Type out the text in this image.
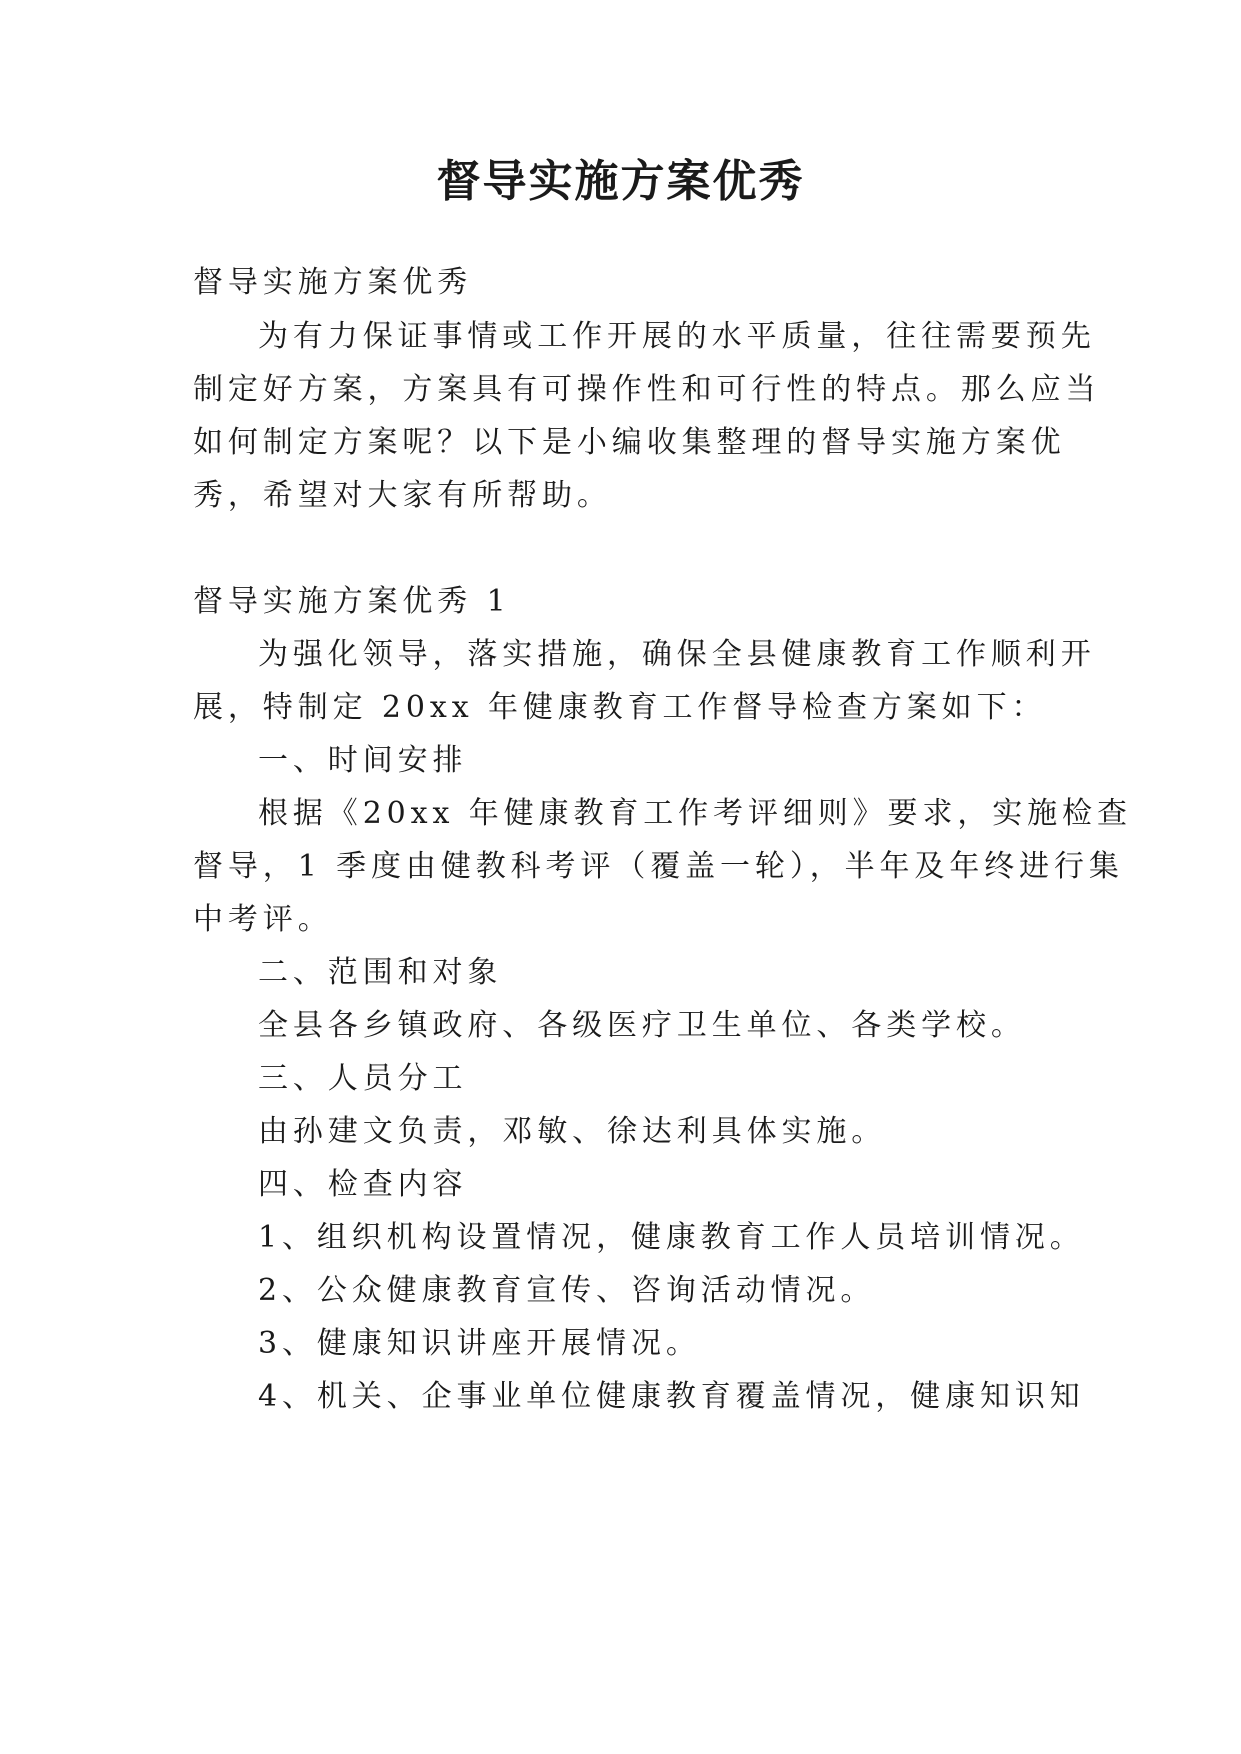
督导实施方案优秀
督导实施方案优秀
为有力保证事情或工作开展的水平质量，往往需要预先
制定好方案，方案具有可操作性和可行性的特点。那么应当
如何制定方案呢？以下是小编收集整理的督导实施方案优
秀，希望对大家有所帮助。
督导实施方案优秀 1
为强化领导，落实措施，确保全县健康教育工作顺利开
展，特制定 20xx 年健康教育工作督导检查方案如下：
一、时间安排
根据《20xx 年健康教育工作考评细则》要求，实施检查
督导，1 季度由健教科考评（覆盖一轮），半年及年终进行集
中考评。
二、范围和对象
全县各乡镇政府、各级医疗卫生单位、各类学校。
三、人员分工
由孙建文负责，邓敏、徐达利具体实施。
四、检查内容
1、组织机构设置情况，健康教育工作人员培训情况。
2、公众健康教育宣传、咨询活动情况。
3、健康知识讲座开展情况。
4、机关、企事业单位健康教育覆盖情况，健康知识知
